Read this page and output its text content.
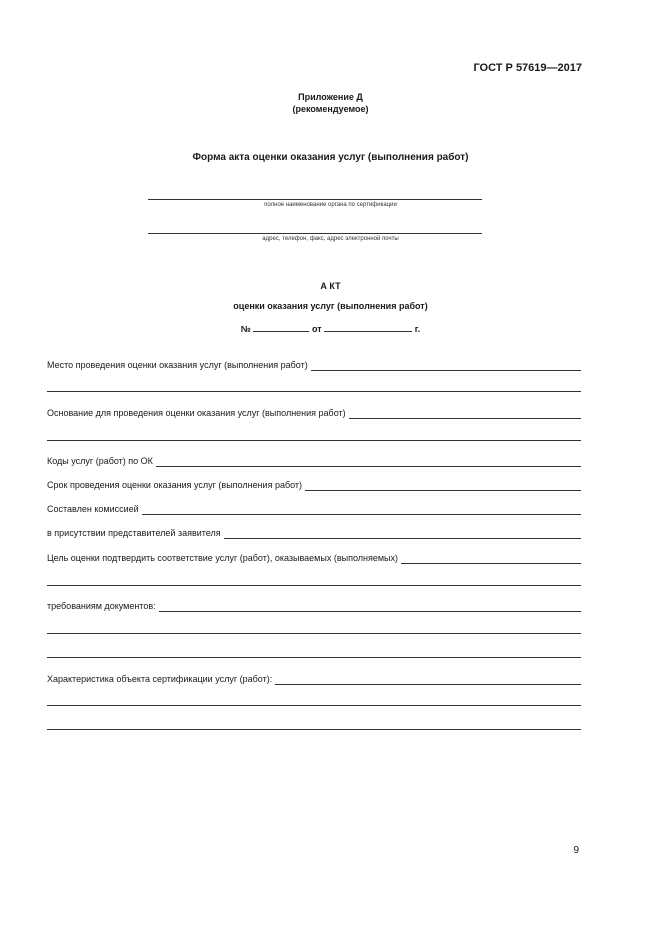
ГОСТ Р 57619—2017
Приложение Д
(рекомендуемое)
Форма акта оценки оказания услуг (выполнения работ)
полное наименование органа по сертификации
адрес, телефон, факс, адрес электронной почты
А КТ
оценки оказания услуг (выполнения работ)
№	от	г.
Место проведения оценки оказания услуг (выполнения работ)
Основание для проведения оценки оказания услуг (выполнения работ)
Коды услуг (работ) по ОК
Срок проведения оценки оказания услуг (выполнения работ)
Составлен комиссией
в присутствии представителей заявителя
Цель оценки подтвердить соответствие услуг (работ), оказываемых (выполняемых)
требованиям документов:
Характеристика объекта сертификации услуг (работ):
9
